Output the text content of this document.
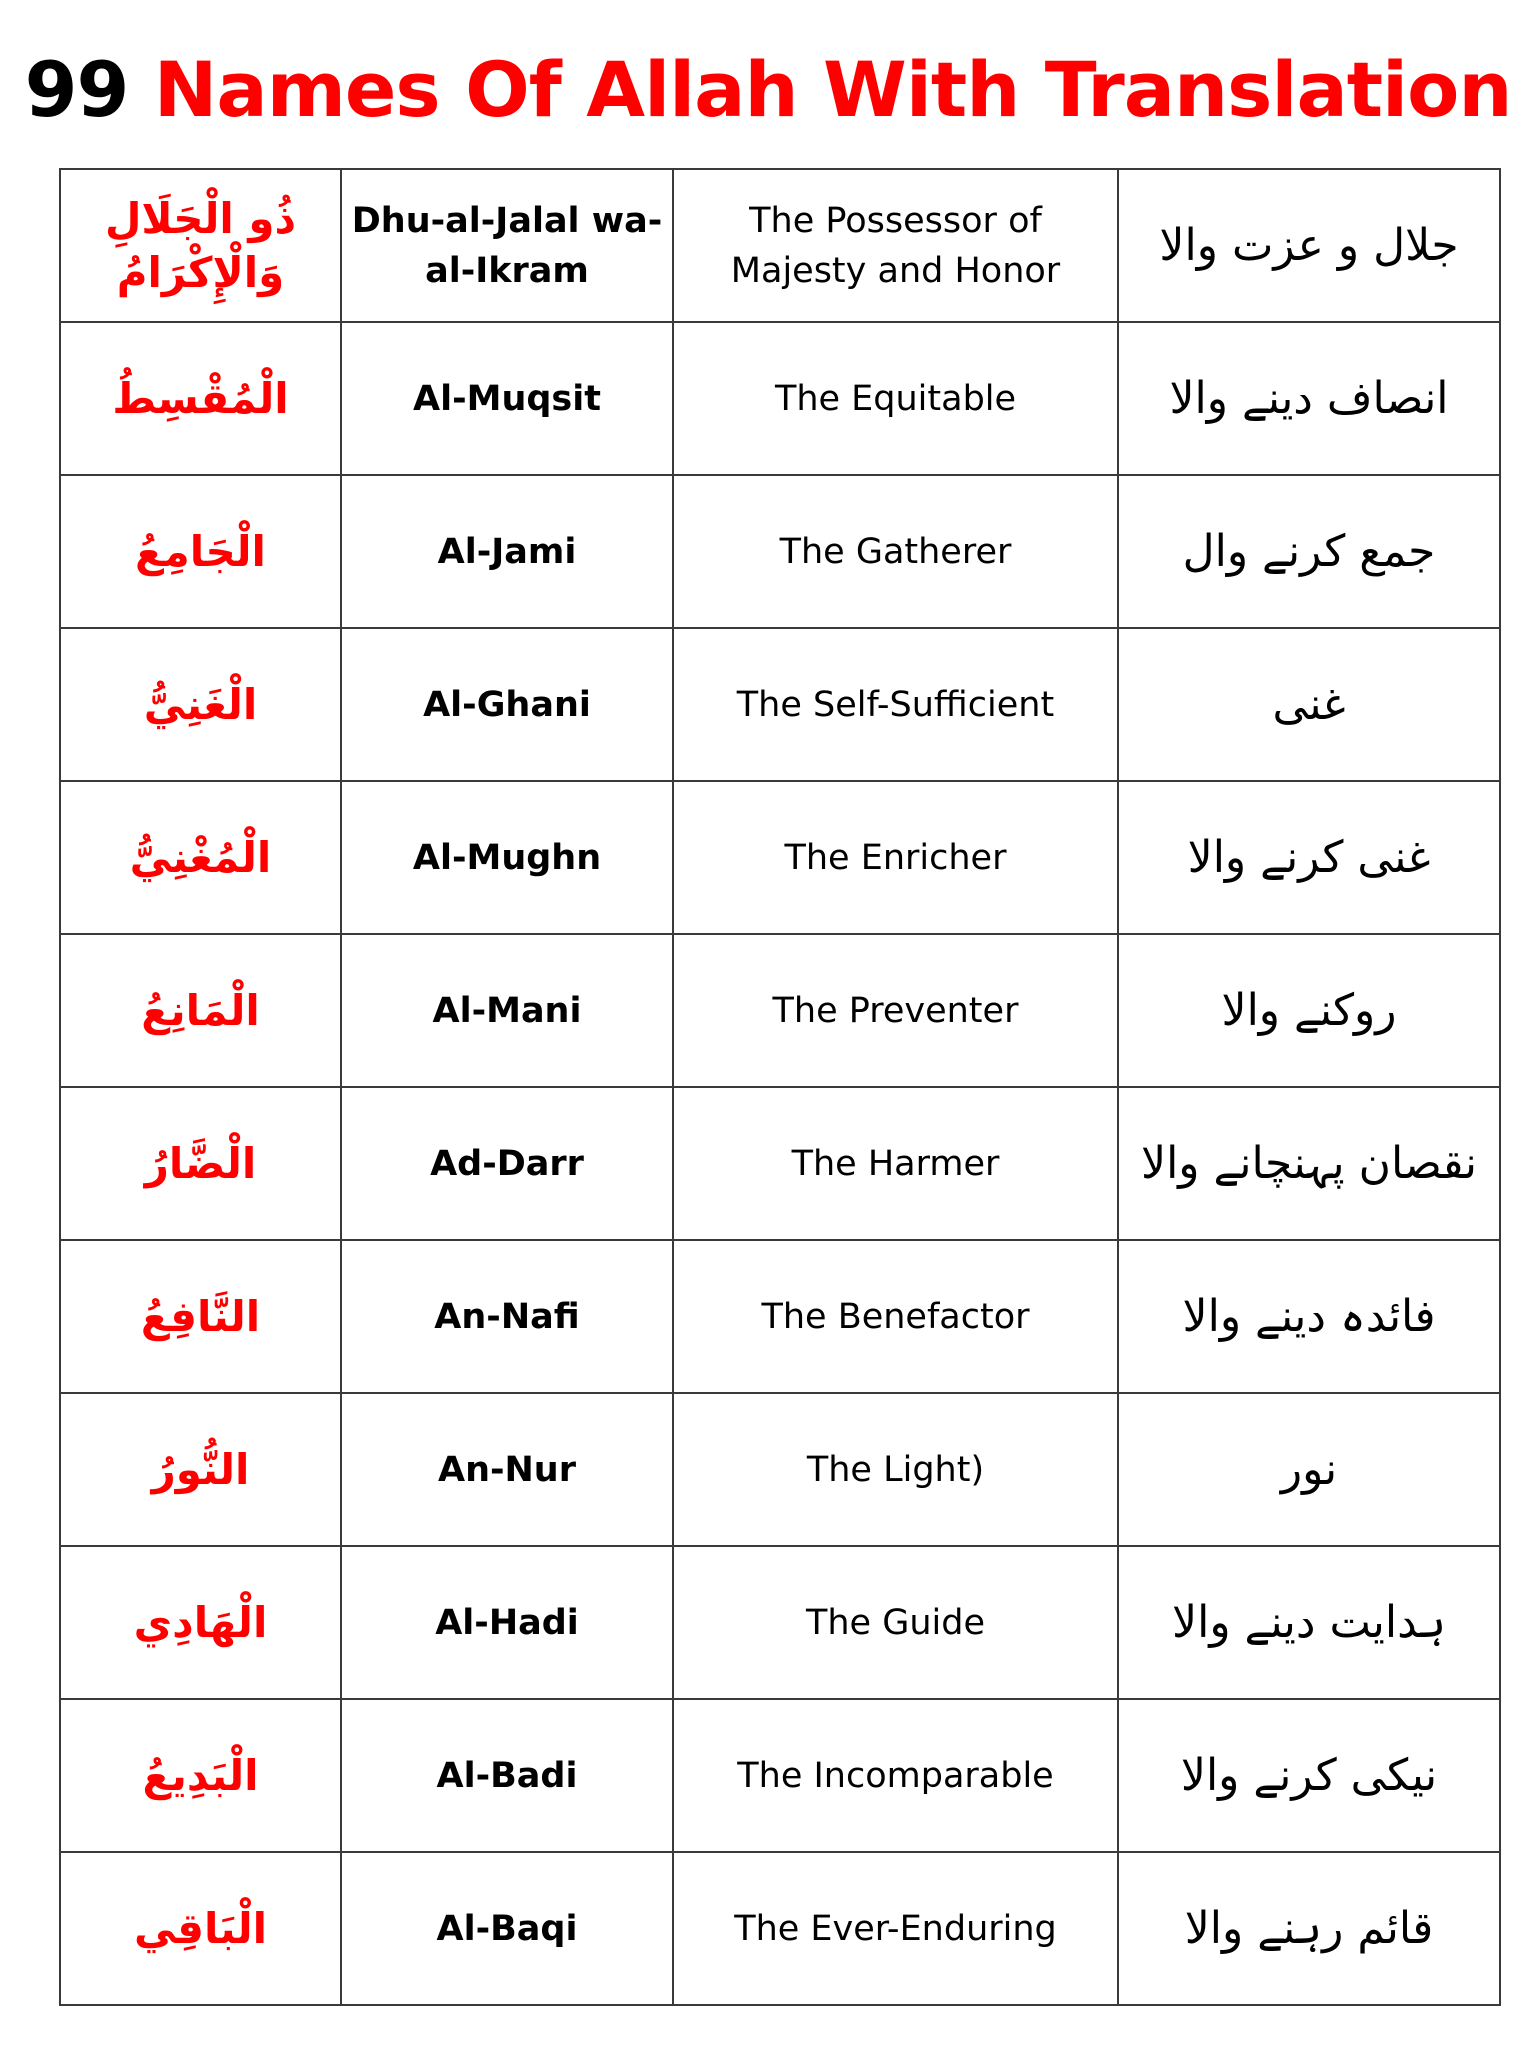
99 Names Of Allah With Translation
ذُو الْجَلَالِ وَالْإِكْرَامُ	Dhu-al-Jalal wa-al-Ikram	The Possessor of Majesty and Honor	جلال و عزت والا

الْمُقْسِطُ	Al-Muqsit	The Equitable	انصاف دینے والا

الْجَامِعُ	Al-Jami	The Gatherer	جمع کرنے وال

الْغَنِيُّ	Al-Ghani	The Self-Sufficient	غنی

الْمُغْنِيُّ	Al-Mughn	The Enricher	غنی کرنے والا

الْمَانِعُ	Al-Mani	The Preventer	روکنے والا

الْضَّارُ	Ad-Darr	The Harmer	نقصان پہنچانے والا

النَّافِعُ	An-Nafi	The Benefactor	فائدہ دینے والا

النُّورُ	An-Nur	The Light)	نور

الْهَادِي	Al-Hadi	The Guide	ہدایت دینے والا

الْبَدِيعُ	Al-Badi	The Incomparable	نیکی کرنے والا

الْبَاقِي	Al-Baqi	The Ever-Enduring	قائم رہنے والا
